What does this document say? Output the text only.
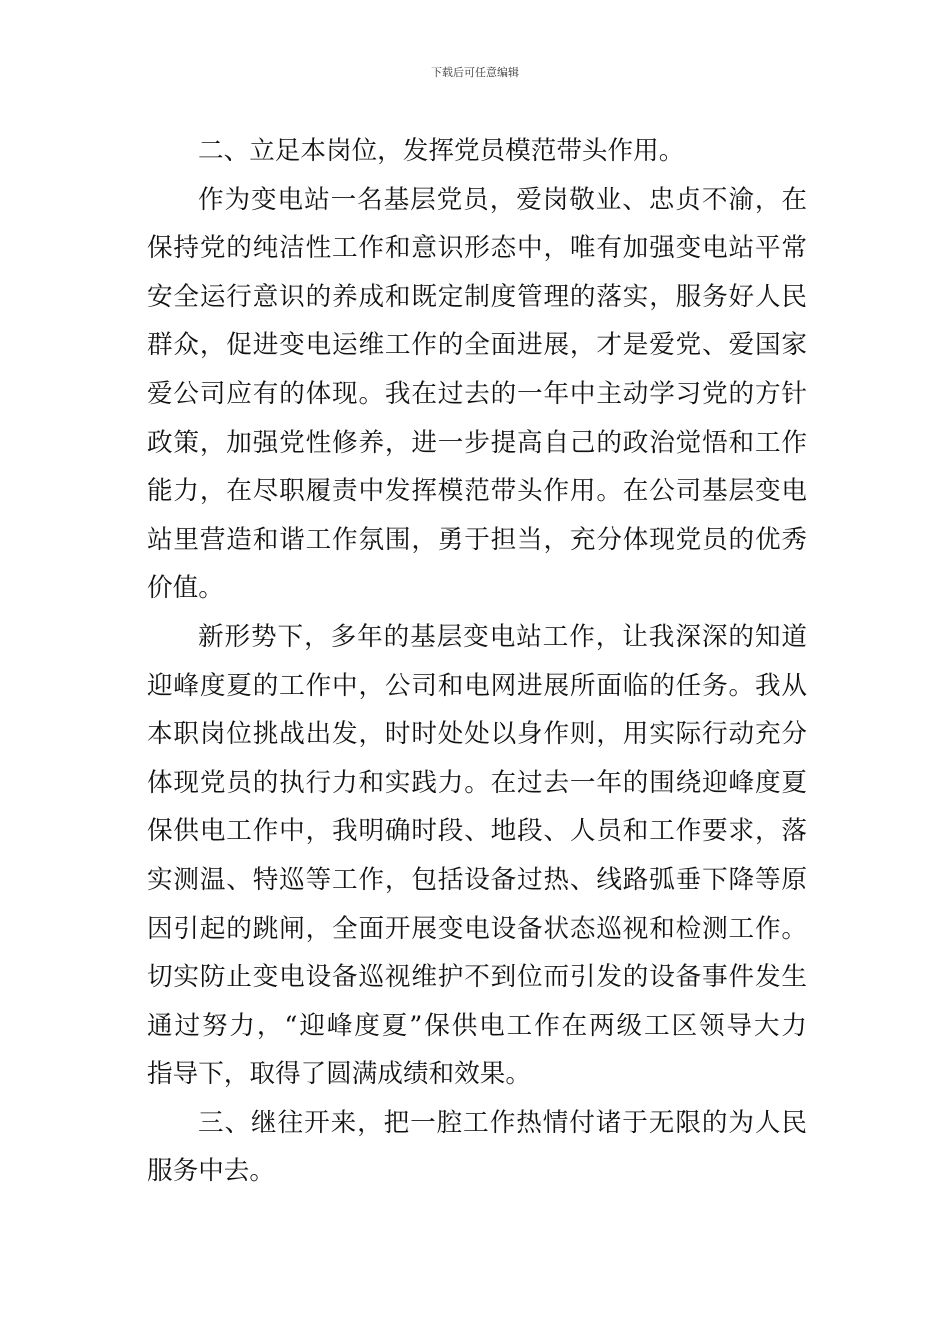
下载后可任意编辑
二、立足本岗位，发挥党员模范带头作用。
作为变电站一名基层党员，爱岗敬业、忠贞不渝，在
保持党的纯洁性工作和意识形态中，唯有加强变电站平常
安全运行意识的养成和既定制度管理的落实，服务好人民
群众，促进变电运维工作的全面进展，才是爱党、爱国家
爱公司应有的体现。我在过去的一年中主动学习党的方针
政策，加强党性修养，进一步提高自己的政治觉悟和工作
能力，在尽职履责中发挥模范带头作用。在公司基层变电
站里营造和谐工作氛围，勇于担当，充分体现党员的优秀
价值。
新形势下，多年的基层变电站工作，让我深深的知道
迎峰度夏的工作中，公司和电网进展所面临的任务。我从
本职岗位挑战出发，时时处处以身作则，用实际行动充分
体现党员的执行力和实践力。在过去一年的围绕迎峰度夏
保供电工作中，我明确时段、地段、人员和工作要求，落
实测温、特巡等工作，包括设备过热、线路弧垂下降等原
因引起的跳闸，全面开展变电设备状态巡视和检测工作。
切实防止变电设备巡视维护不到位而引发的设备事件发生
通过努力，“迎峰度夏”保供电工作在两级工区领导大力
指导下，取得了圆满成绩和效果。
三、继往开来，把一腔工作热情付诸于无限的为人民
服务中去。
